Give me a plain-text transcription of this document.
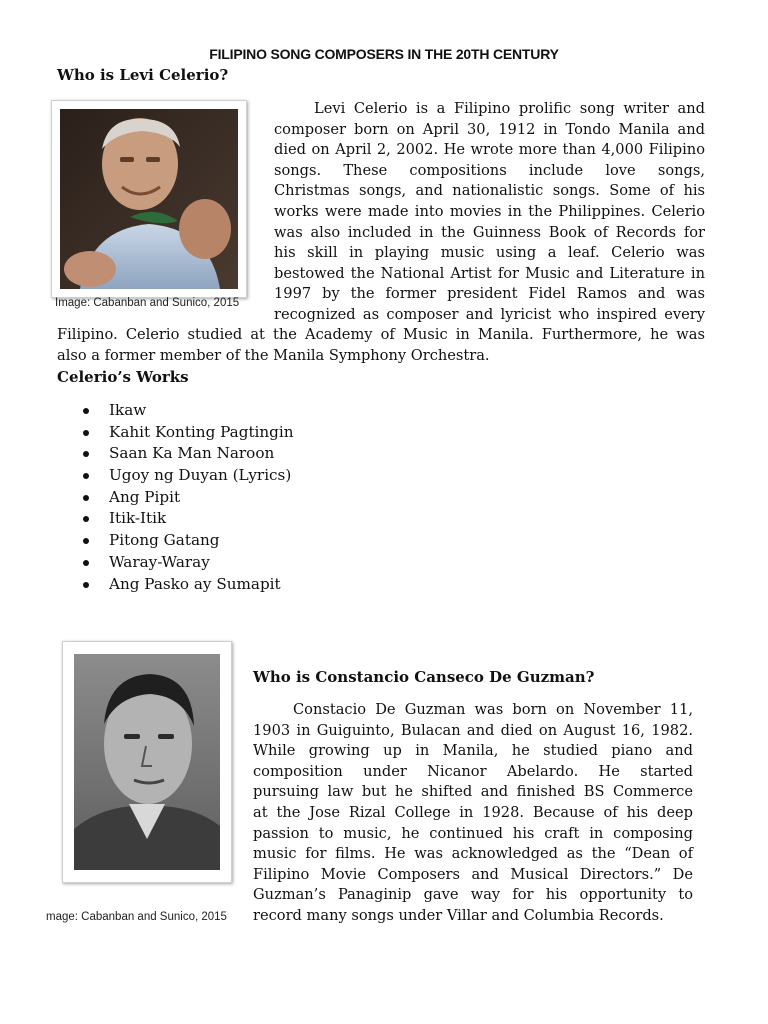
FILIPINO SONG COMPOSERS IN THE 20TH CENTURY
Who is Levi Celerio?
Image: Cabanban and Sunico, 2015
Levi Celerio is a Filipino prolific song writer and
composer born on April 30, 1912 in Tondo Manila and
died on April 2, 2002. He wrote more than 4,000 Filipino
songs. These compositions include love songs,
Christmas songs, and nationalistic songs. Some of his
works were made into movies in the Philippines. Celerio
was also included in the Guinness Book of Records for
his skill in playing music using a leaf. Celerio was
bestowed the National Artist for Music and Literature in
1997 by the former president Fidel Ramos and was
recognized as composer and lyricist who inspired every
Filipino. Celerio studied at the Academy of Music in Manila. Furthermore, he was
also a former member of the Manila Symphony Orchestra.
Celerio’s Works
Ikaw
Kahit Konting Pagtingin
Saan Ka Man Naroon
Ugoy ng Duyan (Lyrics)
Ang Pipit
Itik-Itik
Pitong Gatang
Waray-Waray
Ang Pasko ay Sumapit
mage: Cabanban and Sunico, 2015
Who is Constancio Canseco De Guzman?
Constacio De Guzman was born on November 11,
1903 in Guiguinto, Bulacan and died on August 16, 1982.
While growing up in Manila, he studied piano and
composition under Nicanor Abelardo. He started
pursuing law but he shifted and finished BS Commerce
at the Jose Rizal College in 1928. Because of his deep
passion to music, he continued his craft in composing
music for films. He was acknowledged as the “Dean of
Filipino Movie Composers and Musical Directors.” De
Guzman’s Panaginip gave way for his opportunity to
record many songs under Villar and Columbia Records.
